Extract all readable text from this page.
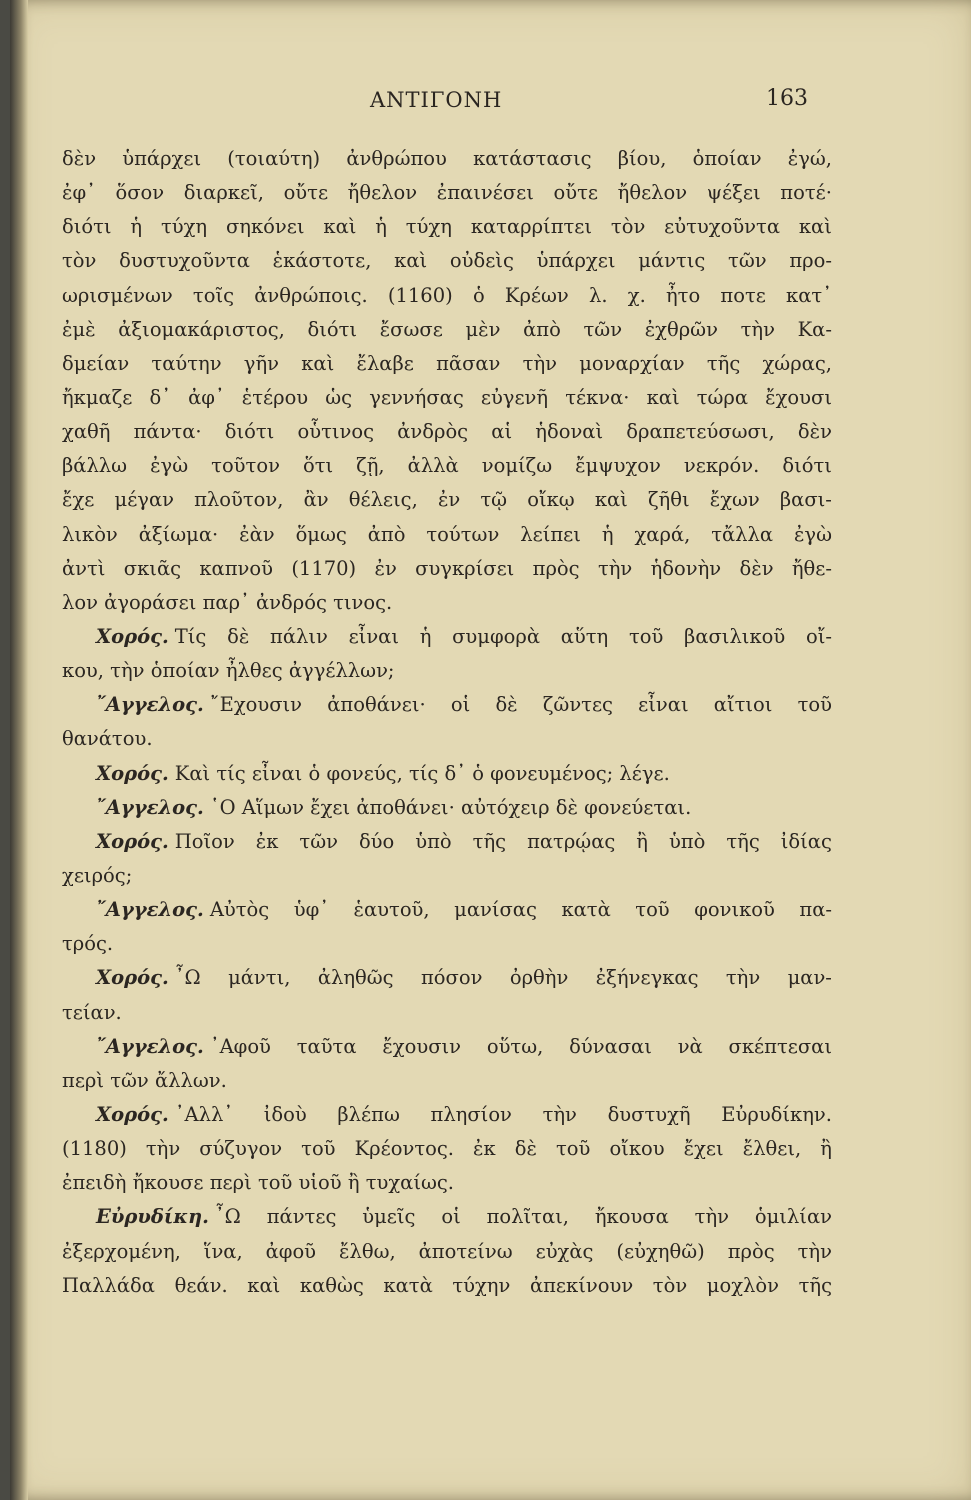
ΑΝΤΙΓΟΝΗ	163
δὲν ὑπάρχει (τοιαύτη) ἀνθρώπου κατάστασις βίου, ὁποίαν ἐγώ,
ἐφ᾽ ὅσον διαρκεῖ, οὔτε ἤθελον ἐπαινέσει οὔτε ἤθελον ψέξει ποτέ·
διότι ἡ τύχη σηκόνει καὶ ἡ τύχη καταρρίπτει τὸν εὐτυχοῦντα καὶ
τὸν δυστυχοῦντα ἑκάστοτε, καὶ οὐδεὶς ὑπάρχει μάντις τῶν προ-
ωρισμένων τοῖς ἀνθρώποις. (1160) ὁ Κρέων λ. χ. ἦτο ποτε κατ᾽
ἐμὲ ἀξιομακάριστος, διότι ἔσωσε μὲν ἀπὸ τῶν ἐχθρῶν τὴν Κα-
δμείαν ταύτην γῆν καὶ ἔλαβε πᾶσαν τὴν μοναρχίαν τῆς χώρας,
ἤκμαζε δ᾽ ἀφ᾽ ἑτέρου ὡς γεννήσας εὐγενῆ τέκνα· καὶ τώρα ἔχουσι
χαθῆ πάντα· διότι οὗτινος ἀνδρὸς αἱ ἡδοναὶ δραπετεύσωσι, δὲν
βάλλω ἐγὼ τοῦτον ὅτι ζῇ, ἀλλὰ νομίζω ἔμψυχον νεκρόν. διότι
ἔχε μέγαν πλοῦτον, ἂν θέλεις, ἐν τῷ οἴκῳ καὶ ζῆθι ἔχων βασι-
λικὸν ἀξίωμα· ἐὰν ὅμως ἀπὸ τούτων λείπει ἡ χαρά, τἄλλα ἐγὼ
ἀντὶ σκιᾶς καπνοῦ (1170) ἐν συγκρίσει πρὸς τὴν ἡδονὴν δὲν ἤθε-
λον ἀγοράσει παρ᾽ ἀνδρός τινος.
Χορός. Τίς δὲ πάλιν εἶναι ἡ συμφορὰ αὕτη τοῦ βασιλικοῦ οἴ-
κου, τὴν ὁποίαν ἦλθες ἀγγέλλων;
῎Αγγελος. ῎Εχουσιν ἀποθάνει· οἱ δὲ ζῶντες εἶναι αἴτιοι τοῦ
θανάτου.
Χορός. Καὶ τίς εἶναι ὁ φονεύς, τίς δ᾽ ὁ φονευμένος; λέγε.
῎Αγγελος. ῾Ο Αἵμων ἔχει ἀποθάνει· αὐτόχειρ δὲ φονεύεται.
Χορός. Ποῖον ἐκ τῶν δύο ὑπὸ τῆς πατρῴας ἢ ὑπὸ τῆς ἰδίας
χειρός;
῎Αγγελος. Αὐτὸς ὑφ᾽ ἑαυτοῦ, μανίσας κατὰ τοῦ φονικοῦ πα-
τρός.
Χορός. ῏Ω μάντι, ἀληθῶς πόσον ὀρθὴν ἐξήνεγκας τὴν μαν-
τείαν.
῎Αγγελος. ᾽Αφοῦ ταῦτα ἔχουσιν οὕτω, δύνασαι νὰ σκέπτεσαι
περὶ τῶν ἄλλων.
Χορός. ᾽Αλλ᾽ ἰδοὺ βλέπω πλησίον τὴν δυστυχῆ Εὐρυδίκην.
(1180) τὴν σύζυγον τοῦ Κρέοντος. ἐκ δὲ τοῦ οἴκου ἔχει ἔλθει, ἢ
ἐπειδὴ ἤκουσε περὶ τοῦ υἱοῦ ἢ τυχαίως.
Εὐρυδίκη. ῏Ω πάντες ὑμεῖς οἱ πολῖται, ἤκουσα τὴν ὁμιλίαν
ἐξερχομένη, ἵνα, ἀφοῦ ἔλθω, ἀποτείνω εὐχὰς (εὐχηθῶ) πρὸς τὴν
Παλλάδα θεάν. καὶ καθὼς κατὰ τύχην ἀπεκίνουν τὸν μοχλὸν τῆς
